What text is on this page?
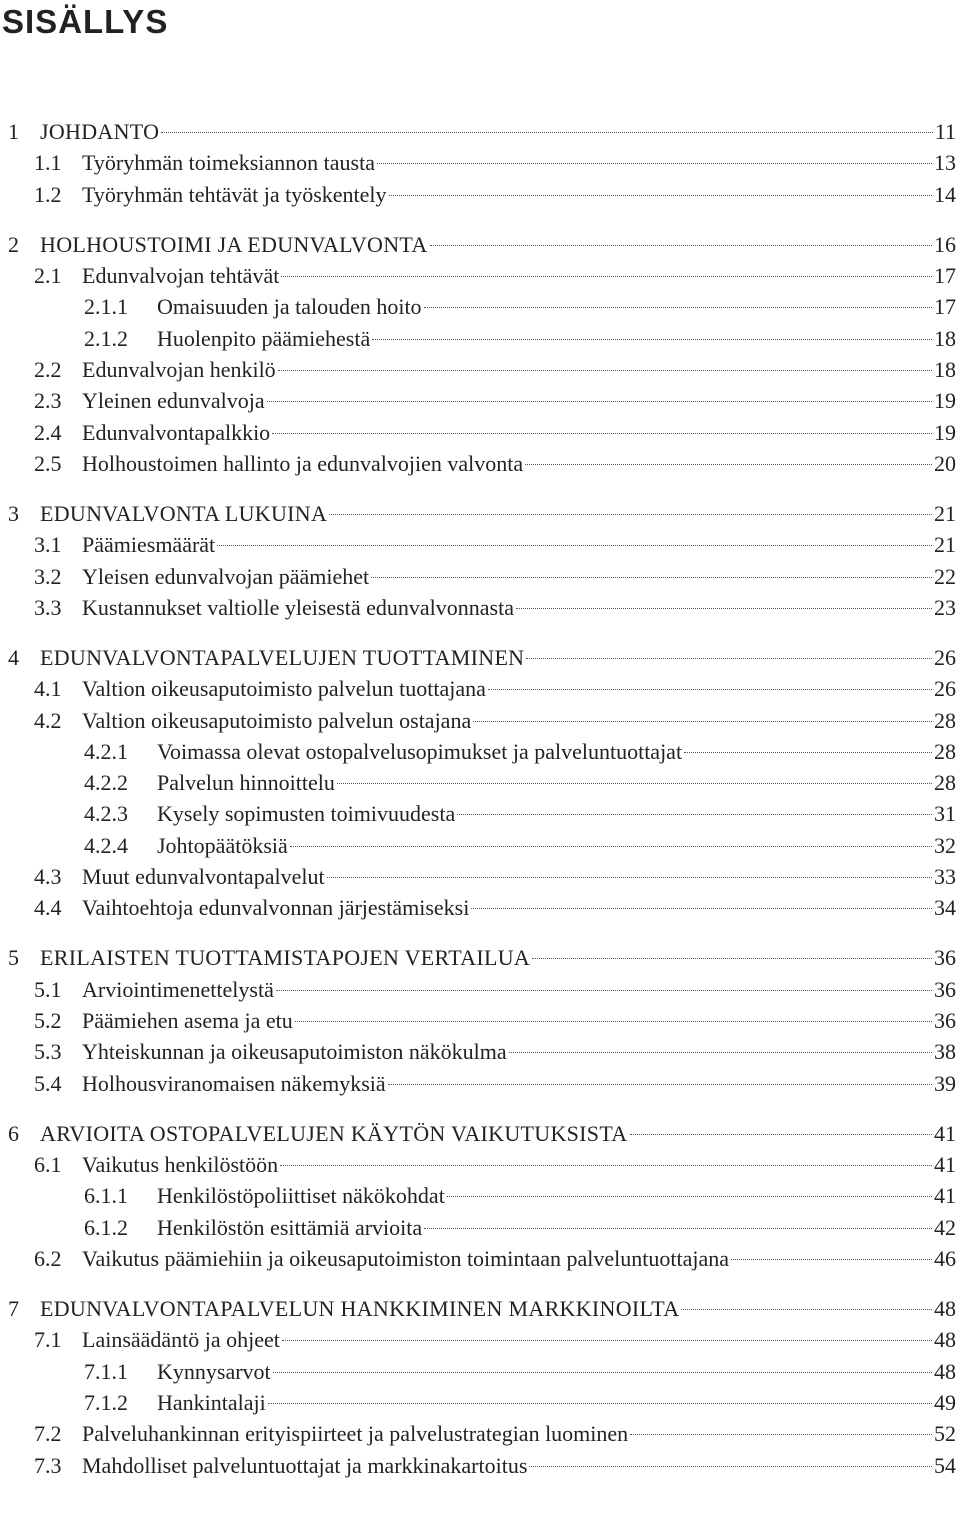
SISÄLLYS
1 JOHDANTO	11
1.1 Työryhmän toimeksiannon tausta	13
1.2 Työryhmän tehtävät ja työskentely	14
2 HOLHOUSTOIMI JA EDUNVALVONTA	16
2.1 Edunvalvojan tehtävät	17
2.1.1	Omaisuuden ja talouden hoito	17
2.1.2	Huolenpito päämiehestä	18
2.2 Edunvalvojan henkilö	18
2.3 Yleinen edunvalvoja	19
2.4 Edunvalvontapalkkio	19
2.5 Holhoustoimen hallinto ja edunvalvojien valvonta	20
3 EDUNVALVONTA LUKUINA	21
3.1 Päämiesmäärät	21
3.2 Yleisen edunvalvojan päämiehet	22
3.3 Kustannukset valtiolle yleisestä edunvalvonnasta	23
4 EDUNVALVONTAPALVELUJEN TUOTTAMINEN	26
4.1 Valtion oikeusaputoimisto palvelun tuottajana	26
4.2 Valtion oikeusaputoimisto palvelun ostajana	28
4.2.1	Voimassa olevat ostopalvelusopimukset ja palveluntuottajat	28
4.2.2	Palvelun hinnoittelu	28
4.2.3	Kysely sopimusten toimivuudesta	31
4.2.4	Johtopäätöksiä	32
4.3 Muut edunvalvontapalvelut	33
4.4 Vaihtoehtoja edunvalvonnan järjestämiseksi	34
5 ERILAISTEN TUOTTAMISTAPOJEN VERTAILUA	36
5.1 Arviointimenettelystä	36
5.2 Päämiehen asema ja etu	36
5.3 Yhteiskunnan ja oikeusaputoimiston näkökulma	38
5.4 Holhousviranomaisen näkemyksiä	39
6 ARVIOITA OSTOPALVELUJEN KÄYTÖN VAIKUTUKSISTA	41
6.1 Vaikutus henkilöstöön	41
6.1.1	Henkilöstöpoliittiset näkökohdat	41
6.1.2	Henkilöstön esittämiä arvioita	42
6.2 Vaikutus päämiehiin ja oikeusaputoimiston toimintaan palveluntuottajana	46
7 EDUNVALVONTAPALVELUN HANKKIMINEN MARKKINOILTA	48
7.1 Lainsäädäntö ja ohjeet	48
7.1.1	Kynnysarvot	48
7.1.2	Hankintalaji	49
7.2 Palveluhankinnan erityispiirteet ja palvelustrategian luominen	52
7.3 Mahdolliset palveluntuottajat ja markkinakartoitus	54
